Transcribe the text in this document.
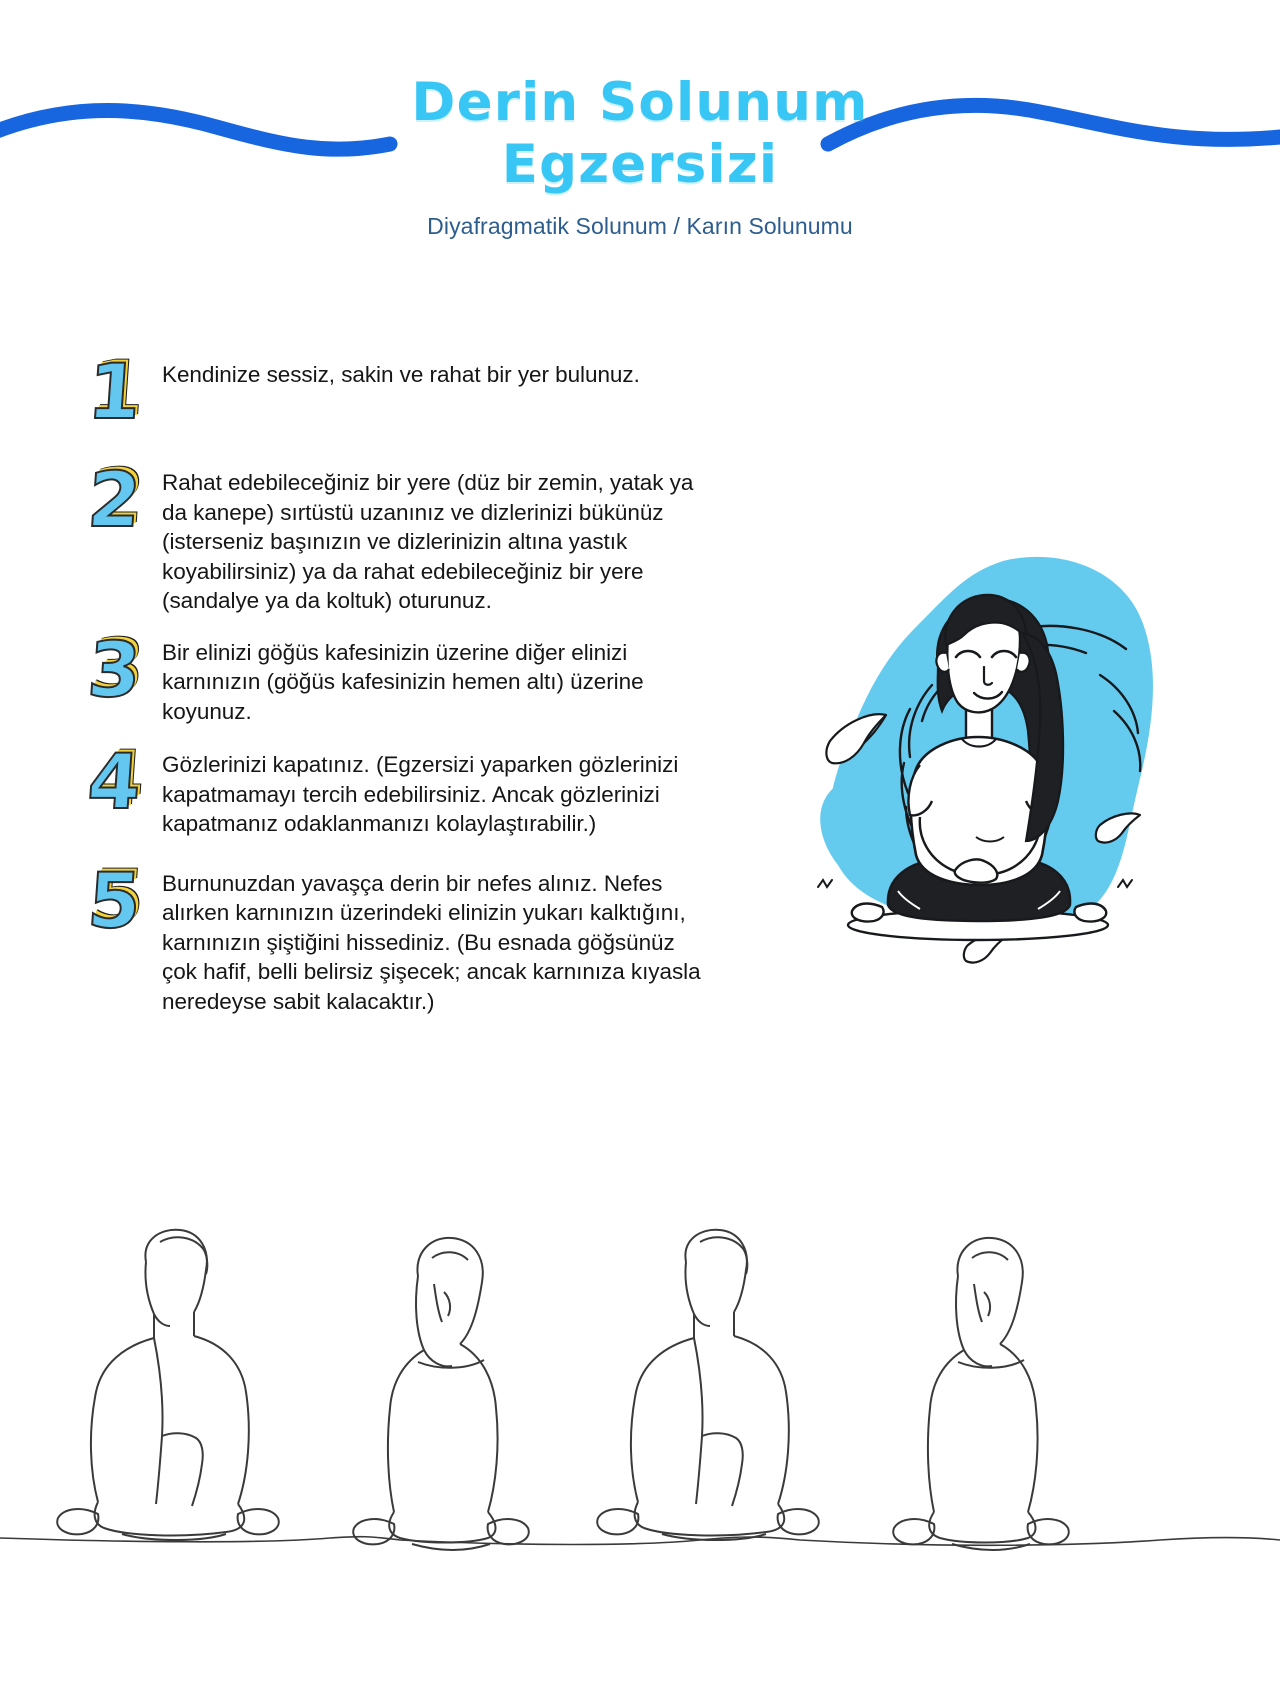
Derin Solunum
Egzersizi

Diyafragmatik Solunum / Karın Solunumu

1 Kendinize sessiz, sakin ve rahat bir yer bulunuz.
2 Rahat edebileceğiniz bir yere (düz bir zemin, yatak ya da kanepe) sırtüstü uzanınız ve dizlerinizi bükünüz (isterseniz başınızın ve dizlerinizin altına yastık koyabilirsiniz) ya da rahat edebileceğiniz bir yere (sandalye ya da koltuk) oturunuz.
3 Bir elinizi göğüs kafesinizin üzerine diğer elinizi karnınızın (göğüs kafesinizin hemen altı) üzerine koyunuz.
4 Gözlerinizi kapatınız. (Egzersizi yaparken gözlerinizi kapatmamayı tercih edebilirsiniz. Ancak gözlerinizi kapatmanız odaklanmanızı kolaylaştırabilir.)
5 Burnunuzdan yavaşça derin bir nefes alınız. Nefes alırken karnınızın üzerindeki elinizin yukarı kalktığını, karnınızın şiştiğini hissediniz. (Bu esnada göğsünüz çok hafif, belli belirsiz şişecek; ancak karnınıza kıyasla neredeyse sabit kalacaktır.)
